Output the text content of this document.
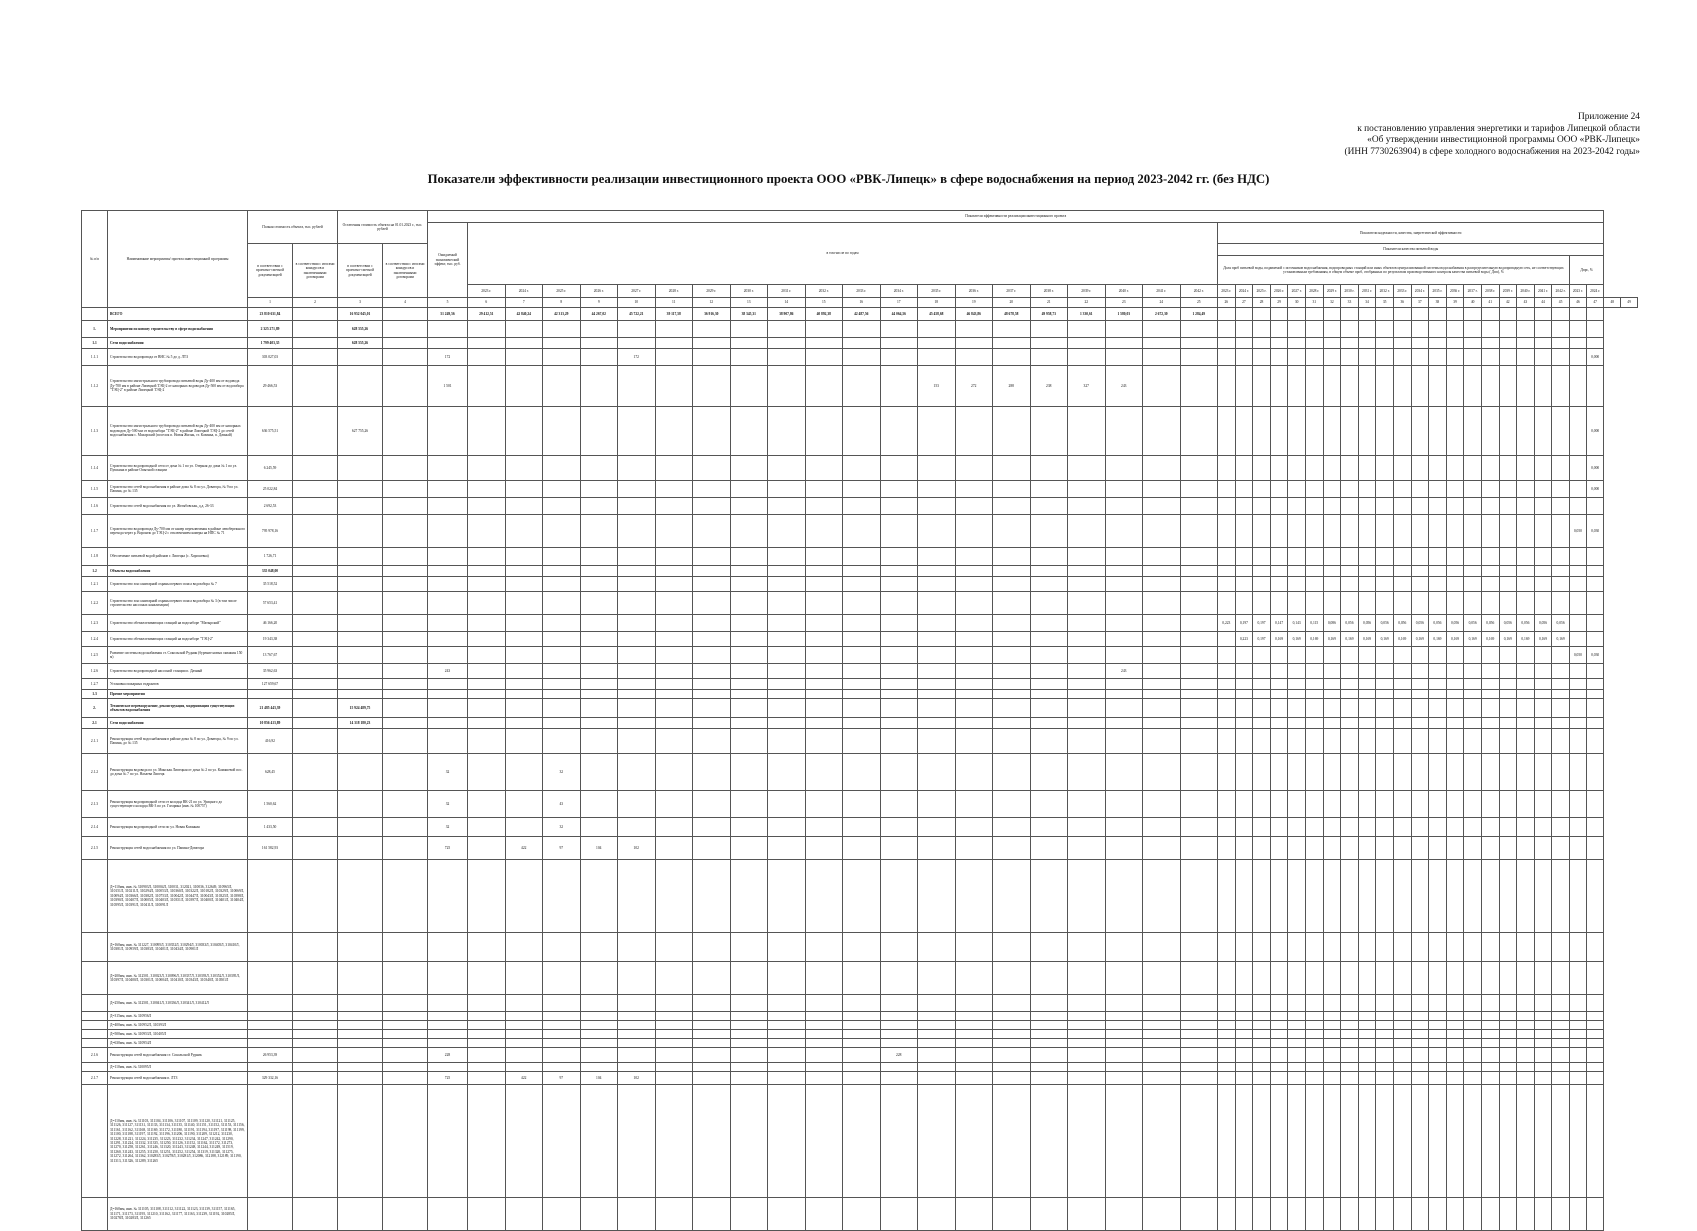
Приложение 24
к постановлению управления энергетики и тарифов Липецкой области
«Об утверждении инвестиционной программы ООО «РВК-Липецк»
(ИНН 7730263904) в сфере холодного водоснабжения на 2023-2042 годы»
Показатели эффективности реализации инвестиционного проекта ООО «РВК-Липецк» в сфере водоснабжения на период 2023-2042 гг. (без НДС)
№ п/п	Наименование мероприятия/ проекта инвестиционной программы	Полная стоимость объекта, тыс. рублей		Остаточная стоимость объекта на 01.01.2023 г., тыс. рублей		Показатели эффективности реализации инвестиционного проекта																																												
						Ожидаемый экономический эффект, тыс. руб.	в том числе по годам																				Показатели надежности, качества, энергетической эффективности																							
		в соответствии с проектно-сметной документацией	в соответствии с итогами конкурсов и заключенными договорами	в соответствии с проектно-сметной документацией	в соответствии с итогами конкурсов и заключенными договорами																						Показатели качества питьевой воды																							
																											Доля проб питьевой воды, подаваемой с источников водоснабжения, водопроводных станций или иных объектов централизованной системы водоснабжения в распределительную водопроводную сеть, не соответствующих установленным требованиям, в общем объеме проб, отобранных по результатам производственного контроля качества питьевой воды ( Дпп), %																				Дпрс, %			
							2023 г.	2024 г.	2025 г.	2026 г.	2027 г.	2028 г.	2029 г.	2030 г.	2031 г.	2032 г.	2033 г.	2034 г.	2035 г.	2036 г.	2037 г.	2038 г.	2039 г.	2040 г.	2041 г.	2042 г.	2023 г.	2024 г.	2025 г.	2026 г.	2027 г.	2028 г.	2029 г.	2030 г.	2031 г.	2032 г.	2033 г.	2034 г.	2035 г.	2036 г.	2037 г.	2038 г.	2039 г.	2040 г.	2041 г.	2042 г.	2023 г.	2024 г.		
		1	2	3	4	5	6	7	8	9	10	11	12	13	14	15	16	17	18	19	20	21	22	23	24	25	26	27	28	29	30	31	32	33	34	35	36	37	38	39	40	41	42	43	44	45	46	47	48	49
	ВСЕГО	23 810 631,84		16 952 045,01		51 249,56	29 412,51	42 840,24	42 313,29	44 267,02	45 722,21	39 117,58	36 916,30	38 345,31	38 907,86	40 892,38	42 487,56	44 064,56	45 458,68	46 843,86	48 678,58	49 958,73	1 330,61	1 580,03	2 672,30	1 284,49																								
1.	Мероприятия по новому строительству в сфере водоснабжения	2 325 271,89		628 555,26																																														
1.1	Сети водоснабжения	1 799 403,35		628 555,26																																														
1.1.1	Строительство водопровода от ВНС № 5 до д. ЛТЗ	303 027,03				172					172																																					0,000		
1.1.2	Строительство магистрального трубопровода питьевой воды Ду-400 мм от водовода Ду-700 мм в районе Липецкой ТЭЦ-2 от напорных водоводов Ду-500 мм от водозабора "ТЭЦ-2" в районе Липецкой ТЭЦ-2	29 466,53				1 501													153	272	288	238	327	243																										
1.1.3	Строительство магистрального трубопровода питьевой воды Ду-400 мм от напорных водоводов Ду-500 мм от водозабора "ТЭЦ-2" в районе Липецкой ТЭЦ-2 до сетей водоснабжения с. Махарский (поселок п. Новая Жизнь, ст. Казинка, п. Дачный)	636 575,51		627 755,26																																												0,000		
1.1.4	Строительство водопроводной сети от дома № 1 по ул. Озерная до дома № 1 по ул. Пушкина в районе Опытной станции	6 245,59																																														0,000		
1.1.5	Строительство сетей водоснабжения в районе дома № 8 по ул. Доватора, № 9 по ул. Папина, до № 135	25 022,84																																														0,000		
1.1.6	Строительство сетей водоснабжения по ул. Желябовская, д.д. 26-33	2 692,53																																																
1.1.7	Строительство водопровода Ду-700 мм от камер переключения в районе левобережного перехода через р. Воронеж до ТЭЦ-2 с отключением камеры на НПС № 71	795 978,16																																													0,050	0,030		
1.1.8	Обеспечение питьевой водой районов г. Липецка (с. Хорошевка)	1 726,71																																																
1.2	Объекты водоснабжения	335 048,00																																																
1.2.1	Строительство зон санитарной охраны первого пояса водозабора № 7	35 518,52																																																
1.2.2	Строительство зон санитарной охраны первого пояса водозабора № 3 (в том числе строительство насосных канализации)	57 653,41																																																
1.2.3	Строительство обезжелезивающих станций на водозаборе "Матырский"	46 166,20																									0,223	0,197	0,197	0,147	0,143	0,115	0,086	0,056	0,056	0,056	0,056	0,056	0,056	0,056	0,056	0,056	0,056	0,056	0,056	0,056				
1.2.4	Строительство обезжелезивающих станций на водозаборе "ТЭЦ-2"	19 343,38																										0,223	0,197	0,169	0,169	0,169	0,169	0,169	0,169	0,169	0,169	0,169	0,169	0,169	0,169	0,169	0,169	0,169	0,169	0,169				
1.2.5	Развитие системы водоснабжения ст. Сокольской Рудник (бурение новых скважин 150 м)	13 767,67																																													0,050	0,030		
1.2.6	Строительство водопроводной насосной станции п. Дачный	35 962,63				243																		243																										
1.2.7	Установка пожарных гидрантов	127 659,67																																																
1.3	Прочие мероприятия																																																	
2.	Техническое перевооружение, реконструкция, модернизация существующих объектов водоснабжения	21 485 443,39		15 924 489,75																																														
2.1	Сети водоснабжения	10 856 413,89		14 318 180,23																																														
2.1.1	Реконструкция сетей водоснабжения в районе дома № 8 по ул. Доватора, № 9 по ул. Папина, до № 135	416,92																																																
2.1.2	Реконструкция водовода по ул. Минская Липецкая от дома № 2 по ул. Камашевой пос. до дома № 7 по ул. Нахаева Липецк	628,45				32			32																																									
2.1.3	Реконструкция водопроводной сети от колодца ВК-21 по ул. Урицкого до существующего колодца ВК-3 по ул. Гагарина (инв. № 100757)	1 560,62				32			43																																									
2.1.4	Реконструкция водопроводной сети по ул. Новая Казанная	1 433,50				32			32																																									
2.1.5	Реконструкция сетей водоснабжения по ул. Папина-Доватора	161 582,93				725		422	97	104	102																																							
	Д=110мм, инв. № 310903Л, 310004Л, 310031, 312021, 310036, 312649, 310965Л, 310151Л, 310211Л, 310294Л, 310053Л, 310360Л, 310322Л, 310182Л, 310329Л, 310069Л, 310094Л, 310366Л, 310382Л, 310753Л, 310042Л, 310447Л, 310043Л, 310325Л, 310398Л, 310390Л, 310407Л, 310005Л, 310403Л, 310351Л, 310397Л, 310400Л, 310401Л, 310404Л, 310595Л, 310391Л, 310411Л, 310091Л																																																	
	Д=160мм, инв. № 311227, 310095Л, 310352Л, 310294Л, 310033Л, 310405Л, 310410Л, 310381Л, 310959Л, 310383Л, 310401Л, 310434Л, 310901Л																																																	
	Д=200мм, инв. № 312501, 310023Л, 310096Л, 310337Л, 310393Л, 310352Л, 310395Л, 310397Л, 310400Л, 310301Л, 310004Л, 310410Л, 310343Л, 310340Л, 310501Л																																																	
	Д=250мм, инв. № 312501, 310041Л, 310336Л, 310341Л, 310412Л																																																	
	Д=315мм, инв. № 310956Л																																																	
	Д=400мм, инв. № 310952Л, 310393Л																																																	
	Д=500мм, инв. № 310953Л, 310405Л																																																	
	Д=630мм, инв. № 310954Л																																																	
2.1.6	Реконструкция сетей водоснабжения ст. Сокольской Рудник	26 953,39				228												228																																
	Д=110мм, инв. № 310095Л																																																	
2.1.7	Реконструкция сетей водоснабжения п. ЛТЗ	329 332,16				725		422	97	104	102																																							
	Д=110мм, инв. № 311103, 311104, 311106, 311107, 311109, 311120, 311121, 311125, 311126, 311127, 311131, 311133, 311134, 311135, 311140, 311151, 311152, 311153, 311156, 311161, 311162, 311168, 311169, 311172, 311180, 311191, 311194, 311197, 311198, 311199, 311100, 311188, 311197, 311192, 311196, 311206, 311190, 311209, 311212, 311230, 311228, 311221, 311224, 311235, 311223, 311232, 311234, 311247, 311242, 311290, 311291, 311224, 311332, 311335, 311250, 311126, 311152, 311162, 311172, 311273, 311270, 311258, 311261, 311246, 311320, 311243, 311248, 311244, 311249, 311519, 311260, 311243, 311255, 311250, 311251, 311252, 311254, 311319, 311320, 311275, 311272, 311264, 311362, 310285Л, 310278Л, 310281Л, 312086, 312188, 312189, 311190, 311313, 311326, 311289, 311265																																																	
	Д=160мм, инв. № 311105, 311108, 311112, 311122, 311123, 311139, 311157, 311165, 311171, 311173, 311195, 311210, 311162, 311177, 311163, 311239, 311192, 310285Л, 310278Л, 310283Л, 311265																																																	
